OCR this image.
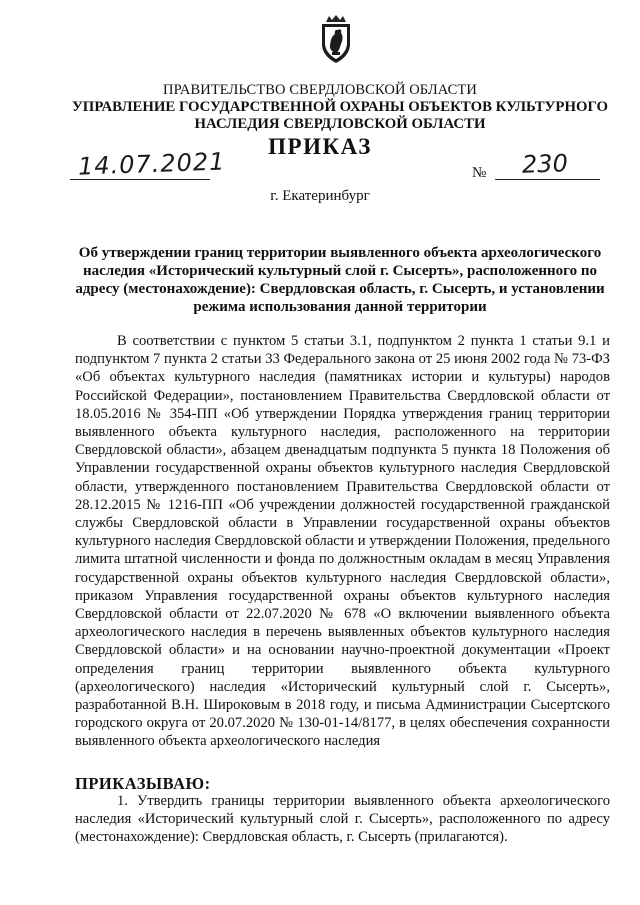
ПРАВИТЕЛЬСТВО СВЕРДЛОВСКОЙ ОБЛАСТИ
УПРАВЛЕНИЕ ГОСУДАРСТВЕННОЙ ОХРАНЫ ОБЪЕКТОВ КУЛЬТУРНОГО НАСЛЕДИЯ СВЕРДЛОВСКОЙ ОБЛАСТИ
ПРИКАЗ
14.07.2021	№ 230
г. Екатеринбург
Об утверждении границ территории выявленного объекта археологического наследия «Исторический культурный слой г. Сысерть», расположенного по адресу (местонахождение): Свердловская область, г. Сысерть, и установлении режима использования данной территории

В соответствии с пунктом 5 статьи 3.1, подпунктом 2 пункта 1 статьи 9.1 и подпунктом 7 пункта 2 статьи 33 Федерального закона от 25 июня 2002 года № 73-ФЗ «Об объектах культурного наследия (памятниках истории и культуры) народов Российской Федерации», постановлением Правительства Свердловской области от 18.05.2016 № 354-ПП «Об утверждении Порядка утверждения границ территории выявленного объекта культурного наследия, расположенного на территории Свердловской области», абзацем двенадцатым подпункта 5 пункта 18 Положения об Управлении государственной охраны объектов культурного наследия Свердловской области, утвержденного постановлением Правительства Свердловской области от 28.12.2015 № 1216-ПП «Об учреждении должностей государственной гражданской службы Свердловской области в Управлении государственной охраны объектов культурного наследия Свердловской области и утверждении Положения, предельного лимита штатной численности и фонда по должностным окладам в месяц Управления государственной охраны объектов культурного наследия Свердловской области», приказом Управления государственной охраны объектов культурного наследия Свердловской области от 22.07.2020 № 678 «О включении выявленного объекта археологического наследия в перечень выявленных объектов культурного наследия Свердловской области» и на основании научно-проектной документации «Проект определения границ территории выявленного объекта культурного (археологического) наследия «Исторический культурный слой г. Сысерть», разработанной В.Н. Широковым в 2018 году, и письма Администрации Сысертского городского округа от 20.07.2020 № 130-01-14/8177, в целях обеспечения сохранности выявленного объекта археологического наследия

ПРИКАЗЫВАЮ:

1. Утвердить границы территории выявленного объекта археологического наследия «Исторический культурный слой г. Сысерть», расположенного по адресу (местонахождение): Свердловская область, г. Сысерть (прилагаются).
